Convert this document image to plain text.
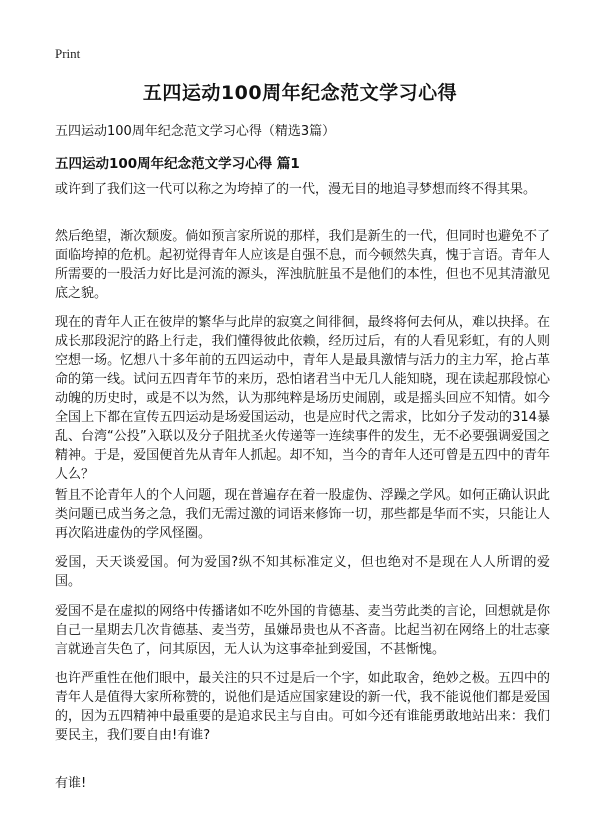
Print
五四运动100周年纪念范文学习心得

五四运动100周年纪念范文学习心得（精选3篇）

五四运动100周年纪念范文学习心得 篇1

或许到了我们这一代可以称之为垮掉了的一代，漫无目的地追寻梦想而终不得其果。

然后绝望，渐次颓废。倘如预言家所说的那样，我们是新生的一代，但同时也避免不了面临垮掉的危机。起初觉得青年人应该是自强不息，而今顿然失真，愧于言语。青年人所需要的一股活力好比是河流的源头，浑浊肮脏虽不是他们的本性，但也不见其清澈见底之貌。

现在的青年人正在彼岸的繁华与此岸的寂寞之间徘徊，最终将何去何从，难以抉择。在成长那段泥泞的路上行走，我们懂得彼此依赖，经历过后，有的人看见彩虹，有的人则空想一场。忆想八十多年前的五四运动中，青年人是最具激情与活力的主力军，抢占革命的第一线。试问五四青年节的来历，恐怕诸君当中无几人能知晓，现在读起那段惊心动魄的历史时，或是不以为然，认为那纯粹是场历史闹剧，或是摇头回应不知情。如今全国上下都在宣传五四运动是场爱国运动，也是应时代之需求，比如分子发动的314暴乱、台湾“公投”入联以及分子阻扰圣火传递等一连续事件的发生，无不必要强调爱国之精神。于是，爱国便首先从青年人抓起。却不知，当今的青年人还可曾是五四中的青年人么？

暂且不论青年人的个人问题，现在普遍存在着一股虚伪、浮躁之学风。如何正确认识此类问题已成当务之急，我们无需过激的词语来修饰一切，那些都是华而不实，只能让人再次陷进虚伪的学风怪圈。

爱国，天天谈爱国。何为爱国?纵不知其标准定义，但也绝对不是现在人人所谓的爱国。

爱国不是在虚拟的网络中传播诸如不吃外国的肯德基、麦当劳此类的言论，回想就是你自己一星期去几次肯德基、麦当劳，虽嫌昂贵也从不吝啬。比起当初在网络上的壮志豪言就逊言失色了，问其原因，无人认为这事牵扯到爱国，不甚惭愧。

也许严重性在他们眼中，最关注的只不过是后一个字，如此取舍，绝妙之极。五四中的青年人是值得大家所称赞的，说他们是适应国家建设的新一代，我不能说他们都是爱国的，因为五四精神中最重要的是追求民主与自由。可如今还有谁能勇敢地站出来：我们要民主，我们要自由!有谁?

有谁!
